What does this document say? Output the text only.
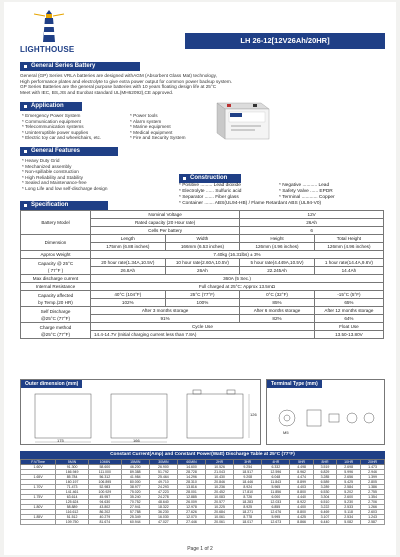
LIGHTHOUSE
LH 26-12[12V26Ah/20HR]
General Series Battery
General (GP) Series VRLA batteries are designed withAGM (Absorbent Glass Mat) technology,
High performance plates and electrolyte to give extra power output for common power backup system.
GP Series Batteries are the general purpose batteries with 10 years floating design life at 25°C
Meet with IEC, BS,JIS and Eurobat standard UL(MH62092),CE approved.
Application
* Emergency Power System
* Communication equipment
* Telecommunication systems
* Uninterruptible power supplies
* Electric toy car and wheelchairs, etc.
* Power tools
* Alarm system
* Marine equipment
* Medical equipment
* Fire and Security System
General Features
* Heavy Duty Grid
* Mechanized assembly
* Non-spillable construction
* High Reliability and Stability
* Sealed and Maintenance-free
* Long Life and low self-discharge design
Construction
* Positive ......... Lead dioxide	* Negative ........... Lead
* Electrolyte ...... Sulfuric acid	* Safety Valve ...... EPDR
* Separator ....... Fiber glass	* Terminal ............ Copper
* Container ....... ABS(UL94-HB) / Flame Retardant ABS (UL94-V0)
Specification
Battery Model	Nominal Voltage		12V	
	Rated capacity (20 Hour rate)		26Ah	
	Cells Per battery		6	
Dimension	Length	Width	Height	Total Height
	175mm (6.88 inches)	166mm (6.53 inches)	126mm (4.96 inches)	126mm (4.96 inches)
Approx Weight	7.40kg (16.31lbs) ± 3%			

Capacity @ 25°C
( 77°F )	20 hour rate(1.34A,10.5V)	10 hour rate(2.60A,10.5V)	5 hour rate(4.449A,10.5V)	1 hour rate(14.4A,9.6V)
	26.8Ah	26Ah	22.245Ah	14.4Ah
Max discharge current	360A (5 Sec.)			
Internal Resistance	Full charged at 25°C: Approx 13.5mΩ			

Capacity affected
by Temp.(20 HR)	40°C (104°F)	25°C (77°F)	0°C (32°F)	-15°C (5°F)
	102%	100%	85%	65%

Self Discharge
@25°C (77°F)	After 3 months storage		After 6 months storage	After 12 months storage
	91%		82%	64%

Charge method
@25°C (77°F)	Cycle Use			Float Use
	14.4-14.7V (Initial charging current less than 7.8A)			13.50-13.80V
Outer dimension (mm)
175	166
126
Terminal Type (mm)
M5
Constant Current(Amp) and Constant Power(Watt) Discharge Table at 25°C (77°F)
F.V/Time	5MIN	10MIN	15MIN	30MIN	60MIN	2HR	3HR	4HR	5HR	8HR	10HR	20HR
1.60V	91.300	58.600	46.200	26.900	14.600	10.526	9.254	6.332	4.498	3.519	2.698	1.473
	166.949	111.000	89.388	51.792	28.728	21.043	18.517	12.596	8.962	6.829	5.996	2.946
1.65V	85.784	56.312	41.984	25.464	14.296	10.430	9.208	6.048	4.474	3.285	2.656	1.399
	160.197	106.895	80.000	49.710	28.310	20.846	18.446	11.843	8.899	6.589	5.425	2.805
1.70V	71.473	52.983	38.977	24.293	13.816	10.236	8.924	5.965	4.403	3.289	2.584	1.386
	141.461	100.929	75.020	47.223	28.001	20.452	17.810	11.856	8.800	6.530	5.202	2.755
1.75V	63.614	45.957	35.240	24.278	12.885	10.083	8.726	6.000	4.440	3.304	2.600	1.354
	125.624	94.630	70.752	48.640	26.009	20.577	18.283	12.033	8.922	6.510	5.230	2.706
1.80V	58.889	43.802	27.941	18.322	12.978	10.225	8.925	6.855	4.400	3.222	2.533	1.266
	116.612	86.202	57.788	36.230	27.626	20.684	18.271	12.676	8.800	6.469	5.118	2.603
1.85V	51.512	40.279	25.349	16.030	12.070	10.061	8.778	5.995	4.425	3.107	2.534	1.243
	109.750	81.674	60.944	47.027	27.446	20.061	18.017	12.673	8.866	6.440	5.082	2.587
Page 1 of 2
